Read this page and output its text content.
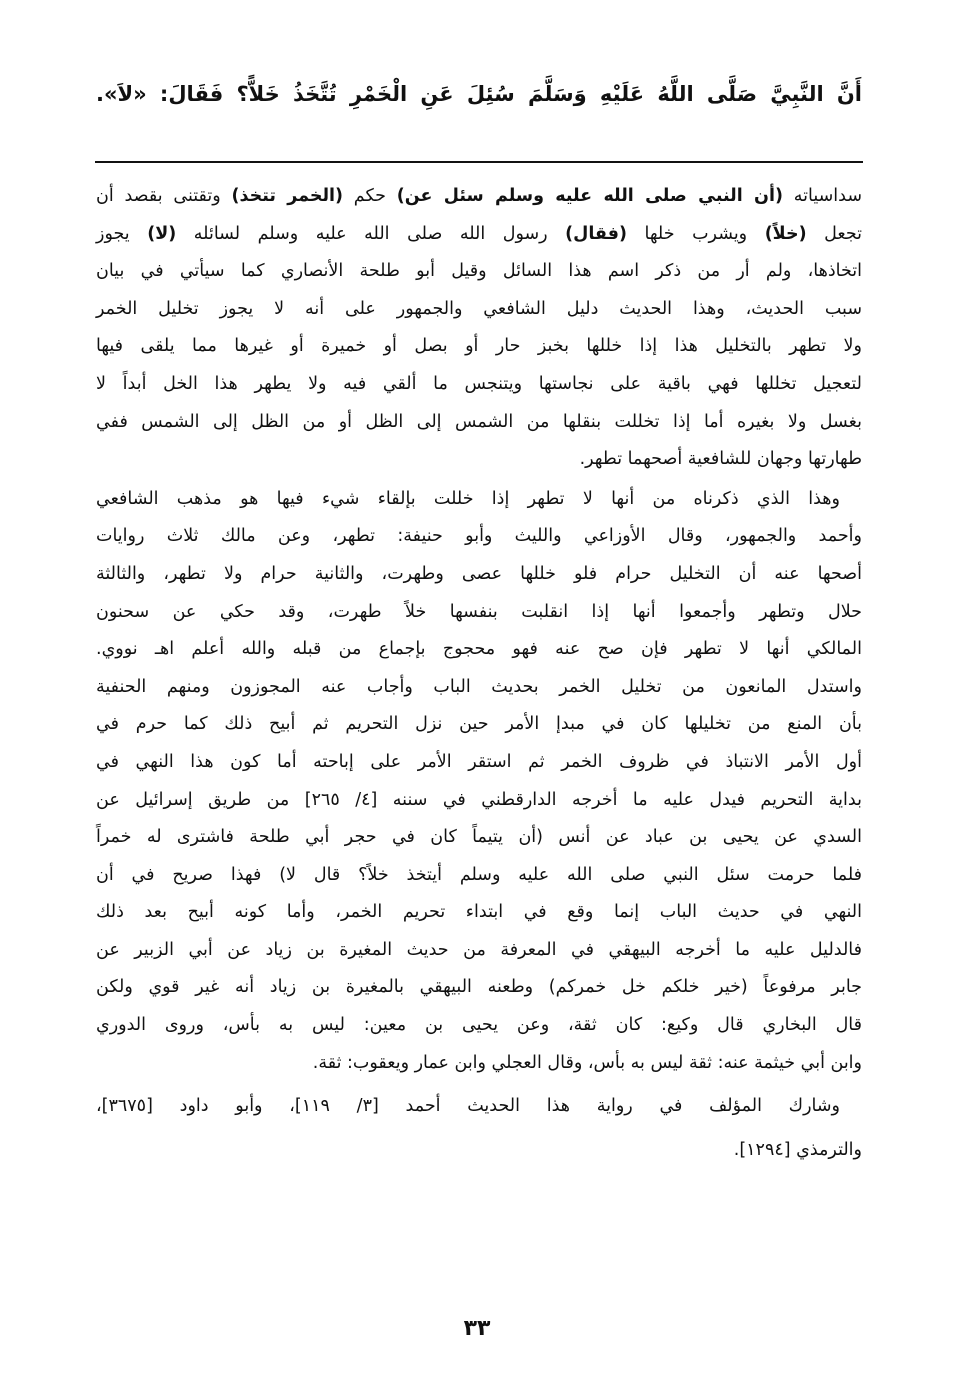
أَنَّ النَّبِيَّ صَلَّى اللَّهُ عَلَيْهِ وَسَلَّمَ سُئِلَ عَنِ الْخَمْرِ تُتَّخَذُ خَلاًّ؟ فَقَالَ: «لاَ».
سداسياته (أن النبي صلى الله عليه وسلم سئل عن) حكم (الخمر تتخذ) وتقتنى بقصد أن
تجعل (خلاً) ويشرب خلها (فقال) رسول الله صلى الله عليه وسلم لسائله (لا) يجوز
اتخاذها، ولم أر من ذكر اسم هذا السائل وقيل أبو طلحة الأنصاري كما سيأتي في بيان
سبب الحديث، وهذا الحديث دليل الشافعي والجمهور على أنه لا يجوز تخليل الخمر
ولا تطهر بالتخليل هذا إذا خللها بخبز حار أو بصل أو خميرة أو غيرها مما يلقى فيها
لتعجيل تخللها فهي باقية على نجاستها ويتنجس ما ألقي فيه ولا يطهر هذا الخل أبداً لا
بغسل ولا بغيره أما إذا تخللت بنقلها من الشمس إلى الظل أو من الظل إلى الشمس ففي
طهارتها وجهان للشافعية أصحهما تطهر.
وهذا الذي ذكرناه من أنها لا تطهر إذا خللت بإلقاء شيء فيها هو مذهب الشافعي
وأحمد والجمهور، وقال الأوزاعي والليث وأبو حنيفة: تطهر، وعن مالك ثلاث روايات
أصحها عنه أن التخليل حرام فلو خللها عصى وطهرت، والثانية حرام ولا تطهر، والثالثة
حلال وتطهر وأجمعوا أنها إذا انقلبت بنفسها خلاً طهرت، وقد حكي عن سحنون
المالكي أنها لا تطهر فإن صح عنه فهو محجوج بإجماع من قبله والله أعلم اهـ نووي.
واستدل المانعون من تخليل الخمر بحديث الباب وأجاب عنه المجوزون ومنهم الحنفية
بأن المنع من تخليلها كان في مبدإ الأمر حين نزل التحريم ثم أبيح ذلك كما حرم في
أول الأمر الانتباذ في ظروف الخمر ثم استقر الأمر على إباحته أما كون هذا النهي في
بداية التحريم فيدل عليه ما أخرجه الدارقطني في سننه [٤/ ٢٦٥] من طريق إسرائيل عن
السدي عن يحيى بن عباد عن أنس (أن يتيماً كان في حجر أبي طلحة فاشترى له خمراً
فلما حرمت سئل النبي صلى الله عليه وسلم أيتخذ خلاً؟ قال لا) فهذا صريح في أن
النهي في حديث الباب إنما وقع في ابتداء تحريم الخمر، وأما كونه أبيح بعد ذلك
فالدليل عليه ما أخرجه البيهقي في المعرفة من حديث المغيرة بن زياد عن أبي الزبير عن
جابر مرفوعاً (خير خلكم خل خمركم) وطعنه البيهقي بالمغيرة بن زياد أنه غير قوي ولكن
قال البخاري قال وكيع: كان ثقة، وعن يحيى بن معين: ليس به بأس، وروى الدوري
وابن أبي خيثمة عنه: ثقة ليس به بأس، وقال العجلي وابن عمار ويعقوب: ثقة.
وشارك المؤلف في رواية هذا الحديث أحمد [٣/ ١١٩]، وأبو داود [٣٦٧٥]،
والترمذي [١٢٩٤].
٣٣
